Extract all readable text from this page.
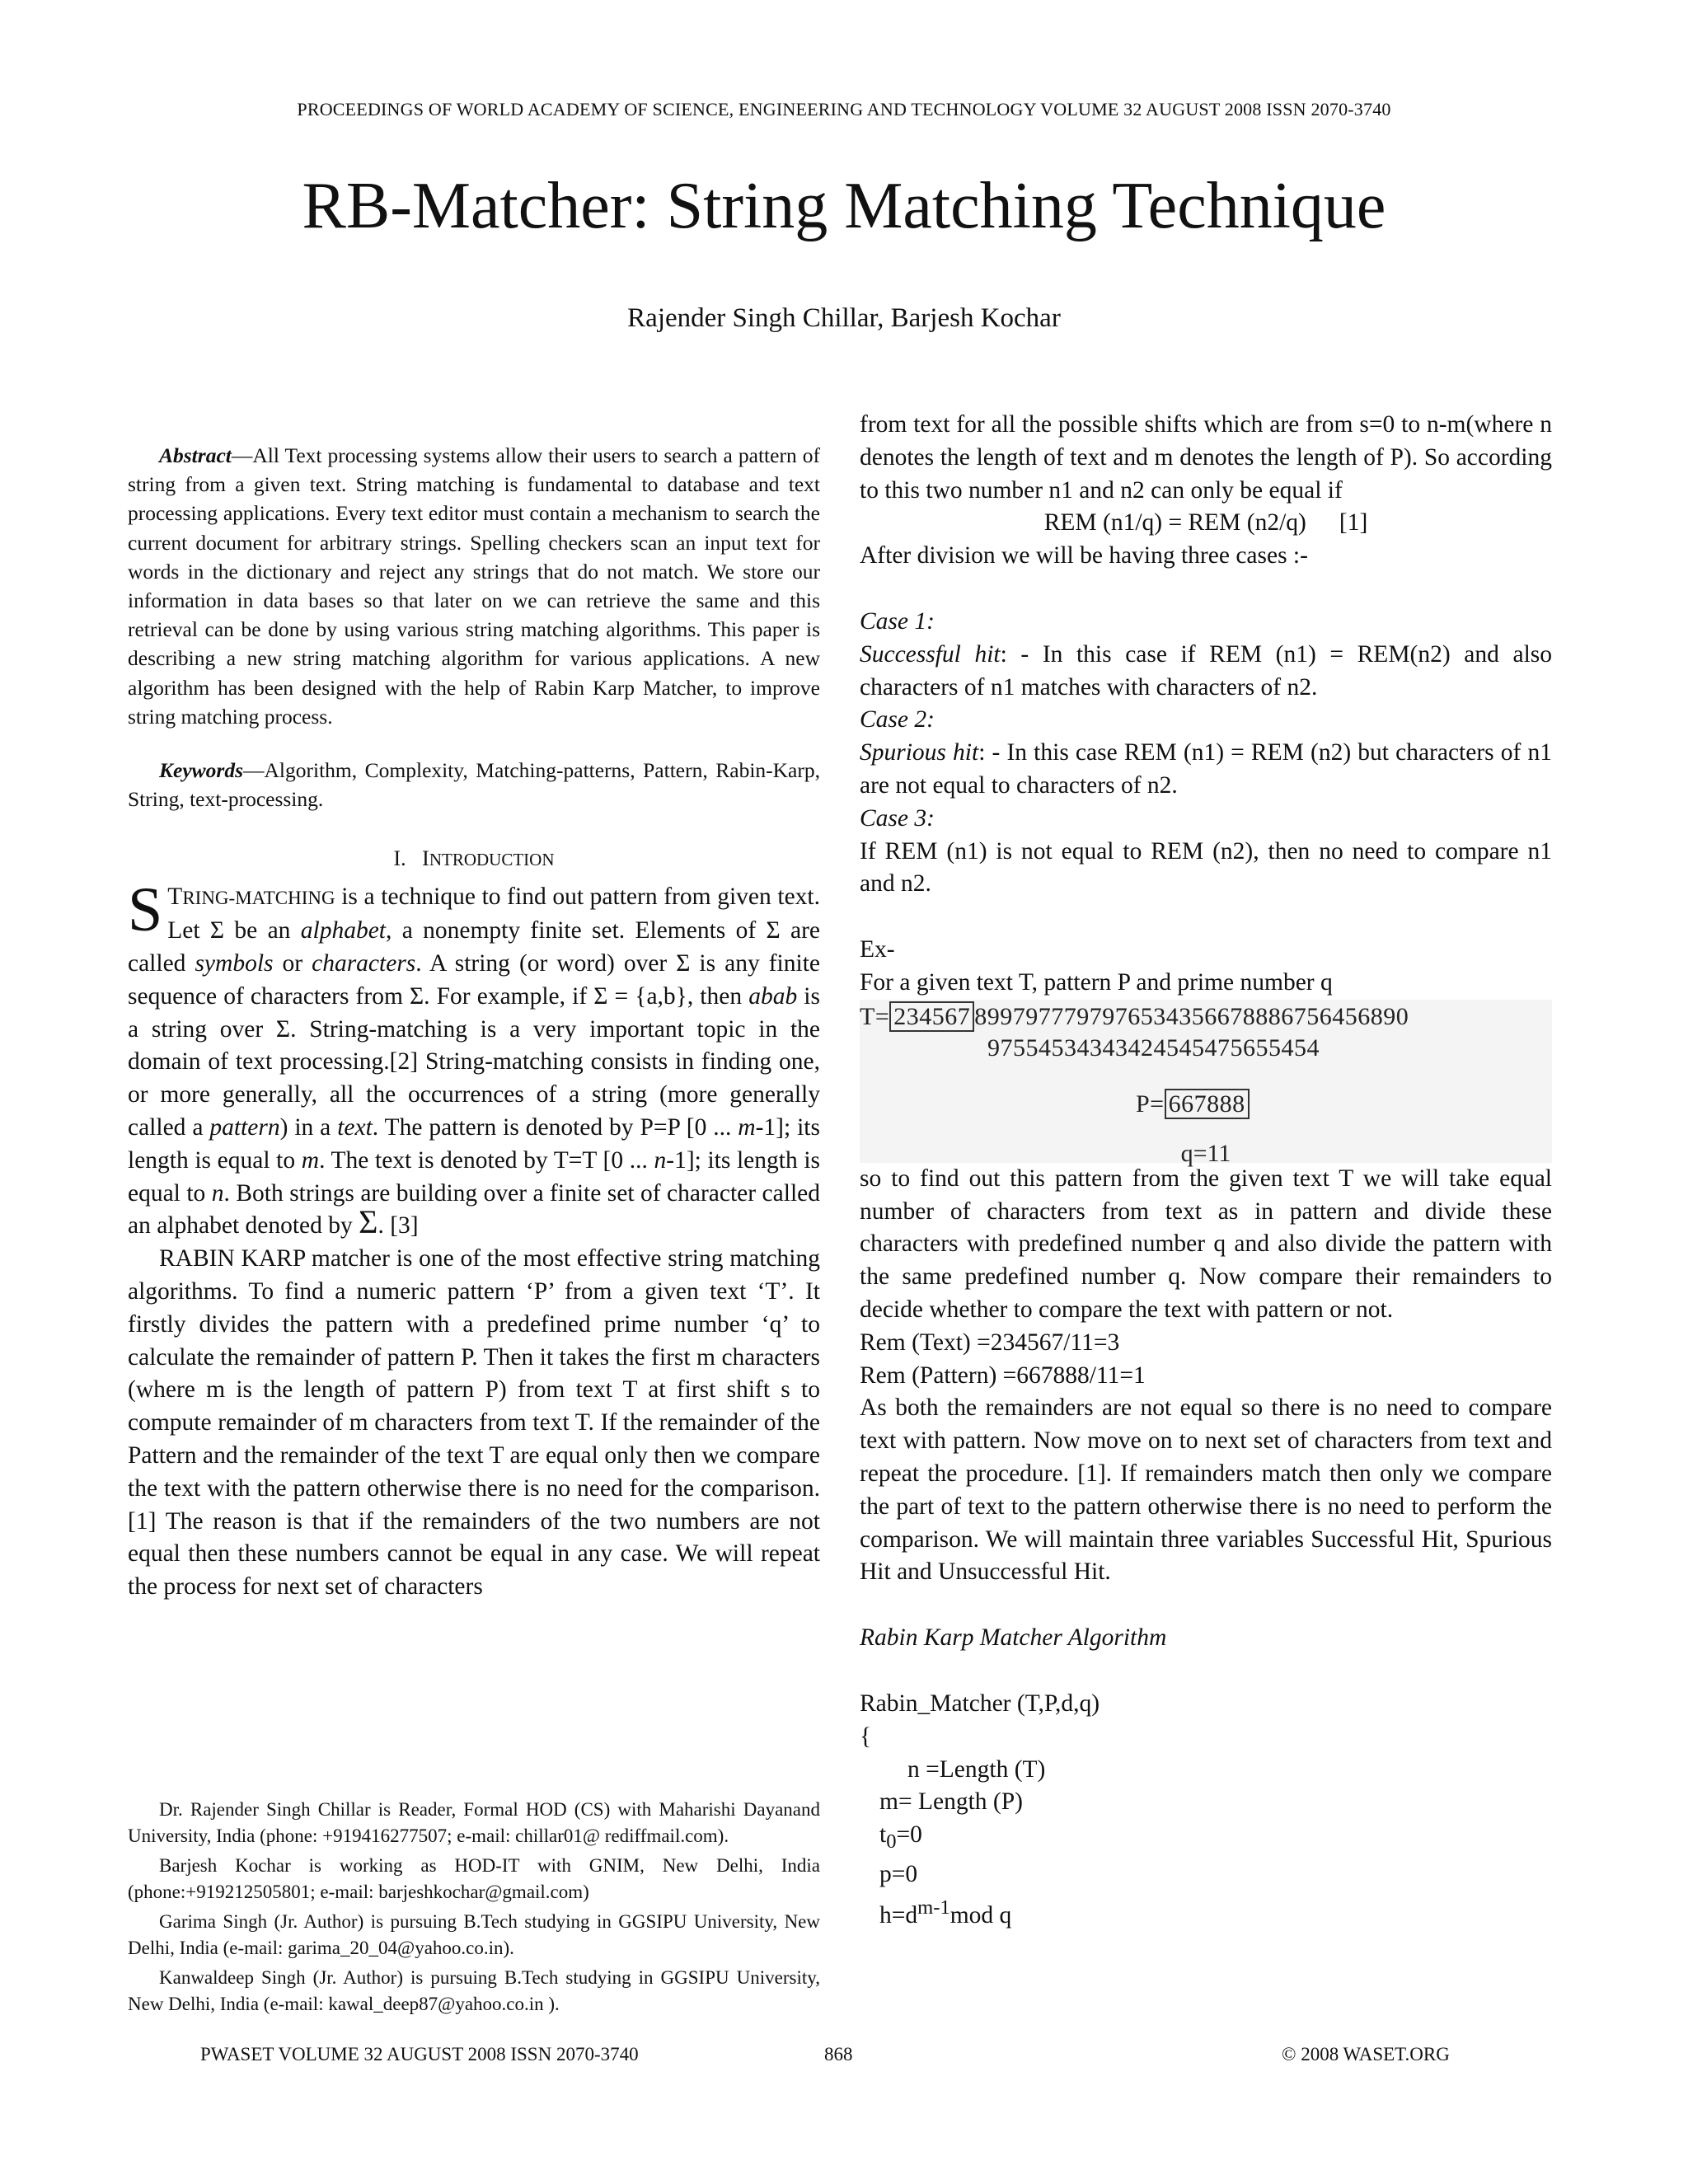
PROCEEDINGS OF WORLD ACADEMY OF SCIENCE, ENGINEERING AND TECHNOLOGY VOLUME 32 AUGUST 2008 ISSN 2070-3740
RB-Matcher: String Matching Technique
Rajender Singh Chillar, Barjesh Kochar

Abstract—All Text processing systems allow their users to search a pattern of string from a given text. String matching is fundamental to database and text processing applications. Every text editor must contain a mechanism to search the current document for arbitrary strings. Spelling checkers scan an input text for words in the dictionary and reject any strings that do not match. We store our information in data bases so that later on we can retrieve the same and this retrieval can be done by using various string matching algorithms. This paper is describing a new string matching algorithm for various applications. A new algorithm has been designed with the help of Rabin Karp Matcher, to improve string matching process.

Keywords—Algorithm, Complexity, Matching-patterns, Pattern, Rabin-Karp, String, text-processing.

I. INTRODUCTION

S TRING-MATCHING is a technique to find out pattern from given text. Let Σ be an alphabet, a nonempty finite set. Elements of Σ are called symbols or characters. A string (or word) over Σ is any finite sequence of characters from Σ. For example, if Σ = {a,b}, then abab is a string over Σ. String-matching is a very important topic in the domain of text processing.[2] String-matching consists in finding one, or more generally, all the occurrences of a string (more generally called a pattern) in a text. The pattern is denoted by P=P [0 ... m-1]; its length is equal to m. The text is denoted by T=T [0 ... n-1]; its length is equal to n. Both strings are building over a finite set of character called an alphabet denoted by Σ. [3]

RABIN KARP matcher is one of the most effective string matching algorithms. To find a numeric pattern ‘P’ from a given text ‘T’. It firstly divides the pattern with a predefined prime number ‘q’ to calculate the remainder of pattern P. Then it takes the first m characters (where m is the length of pattern P) from text T at first shift s to compute remainder of m characters from text T. If the remainder of the Pattern and the remainder of the text T are equal only then we compare the text with the pattern otherwise there is no need for the comparison.[1] The reason is that if the remainders of the two numbers are not equal then these numbers cannot be equal in any case. We will repeat the process for next set of characters

Dr. Rajender Singh Chillar is Reader, Formal HOD (CS) with Maharishi Dayanand University, India (phone: +919416277507; e-mail: chillar01@ rediffmail.com).

Barjesh Kochar is working as HOD-IT with GNIM, New Delhi, India (phone:+919212505801; e-mail: barjeshkochar@gmail.com)

Garima Singh (Jr. Author) is pursuing B.Tech studying in GGSIPU University, New Delhi, India (e-mail: garima_20_04@yahoo.co.in).

Kanwaldeep Singh (Jr. Author) is pursuing B.Tech studying in GGSIPU University, New Delhi, India (e-mail: kawal_deep87@yahoo.co.in ).

from text for all the possible shifts which are from s=0 to n-m(where n denotes the length of text and m denotes the length of P). So according to this two number n1 and n2 can only be equal if

REM (n1/q) = REM (n2/q) [1]

After division we will be having three cases :-

Case 1:

Successful hit: - In this case if REM (n1) = REM(n2) and also characters of n1 matches with characters of n2.

Case 2:

Spurious hit: - In this case REM (n1) = REM (n2) but characters of n1 are not equal to characters of n2.

Case 3:

If REM (n1) is not equal to REM (n2), then no need to compare n1 and n2.

Ex-

For a given text T, pattern P and prime number q

T= 234567 8997977797976534356678886756456890
97554534343424545475655454
P= 667888
q=11

so to find out this pattern from the given text T we will take equal number of characters from text as in pattern and divide these characters with predefined number q and also divide the pattern with the same predefined number q. Now compare their remainders to decide whether to compare the text with pattern or not.

Rem (Text) =234567/11=3

Rem (Pattern) =667888/11=1

As both the remainders are not equal so there is no need to compare text with pattern. Now move on to next set of characters from text and repeat the procedure. [1]. If remainders match then only we compare the part of text to the pattern otherwise there is no need to perform the comparison. We will maintain three variables Successful Hit, Spurious Hit and Unsuccessful Hit.

Rabin Karp Matcher Algorithm

Rabin_Matcher (T,P,d,q)
{
n =Length (T)
m= Length (P)
$t_0=0$
p=0
$h=d^{m-1}mod$ q
PWASET VOLUME 32 AUGUST 2008 ISSN 2070-3740	868	© 2008 WASET.ORG
